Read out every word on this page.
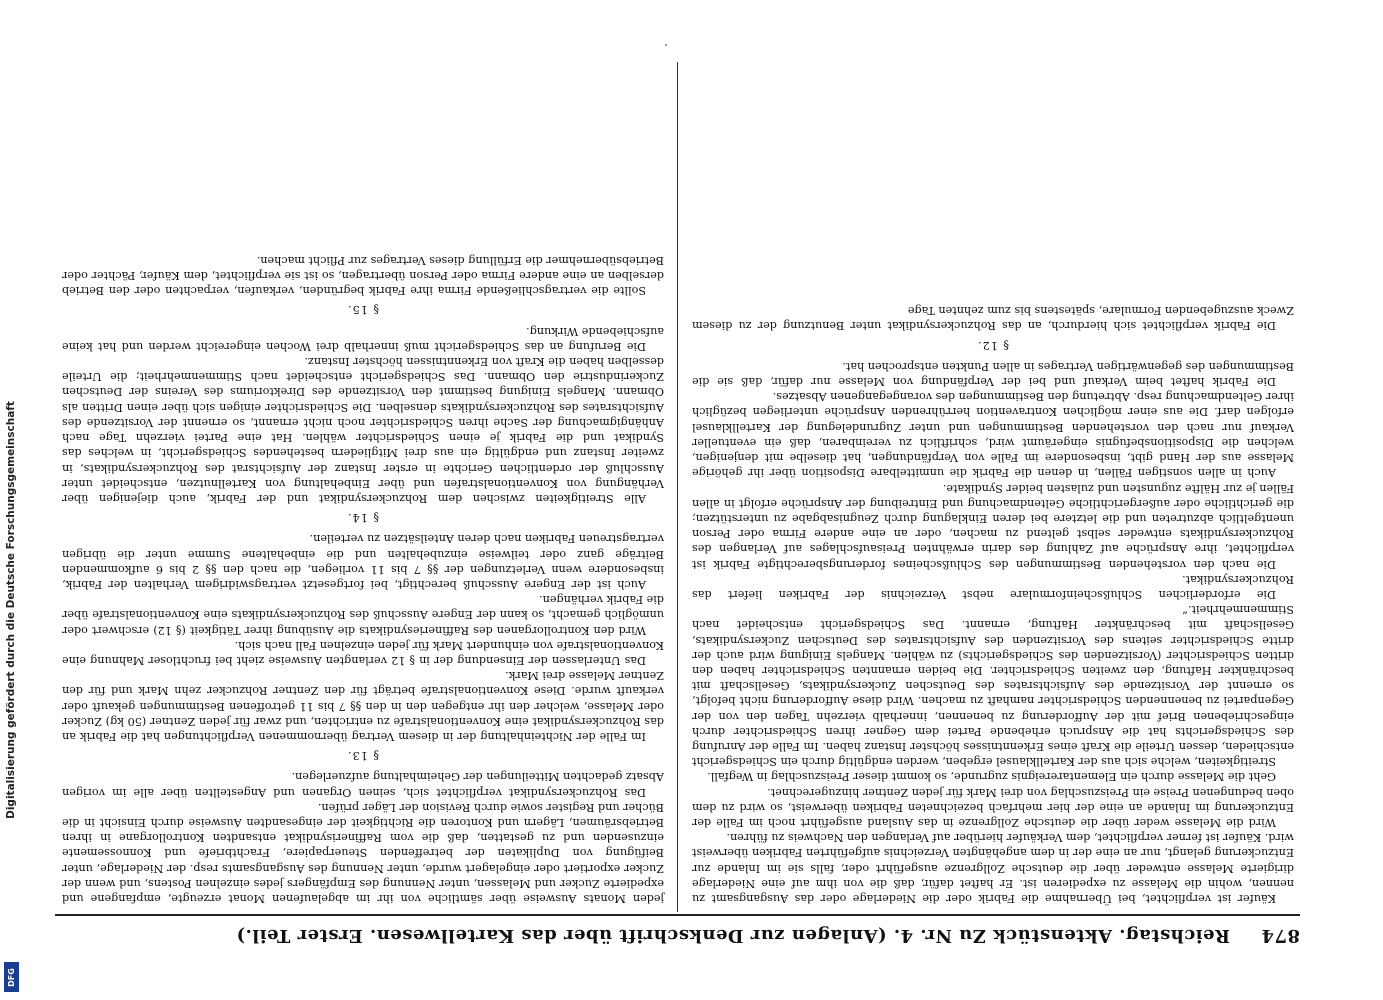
Digitalisierung gefördert durch die Deutsche Forschungsgemeinschaft
DFG
874
Reichstag. Aktenstück Zu Nr. 4. (Anlagen zur Denkschrift über das Kartellwesen. Erster Teil.)

Käufer ist verpflichtet, bei Übernahme die Fabrik oder die Niederlage oder das Ausgangsamt zu nennen, wohin die Melasse zu expedieren ist. Er haftet dafür, daß die von ihm auf eine Niederlage dirigierte Melasse entweder über die deutsche Zollgrenze ausgeführt oder, falls sie im Inlande zur Entzuckerung gelangt, nur an eine der in dem angehängten Verzeichnis aufgeführten Fabriken überweist wird. Käufer ist ferner verpflichtet, dem Verkäufer hierüber auf Verlangen den Nachweis zu führen.

Wird die Melasse weder über die deutsche Zollgrenze in das Ausland ausgeführt noch im Falle der Entzuckerung im Inlande an eine der hier mehrfach bezeichneten Fabriken überweist, so wird zu dem oben bedungenen Preise ein Preiszuschlag von drei Mark für jeden Zentner hinzugerechnet.

Geht die Melasse durch ein Elementarereignis zugrunde, so kommt dieser Preiszuschlag in Wegfall.

Streitigkeiten, welche sich aus der Kartellklausel ergeben, werden endgültig durch ein Schiedsgericht entschieden, dessen Urteile die Kraft eines Erkenntnisses höchster Instanz haben. Im Falle der Anrufung des Schiedsgerichts hat die Anspruch erhebende Partei dem Gegner ihren Schiedsrichter durch eingeschriebenen Brief mit der Aufforderung zu benennen, innerhalb vierzehn Tagen den von der Gegenpartei zu benennenden Schiedsrichter namhaft zu machen. Wird diese Aufforderung nicht befolgt, so ernennt der Vorsitzende des Aufsichtsrates des Deutschen Zuckersyndikats, Gesellschaft mit beschränkter Haftung, den zweiten Schiedsrichter. Die beiden ernannten Schiedsrichter haben den dritten Schiedsrichter (Vorsitzenden des Schiedsgerichts) zu wählen. Mangels Einigung wird auch der dritte Schiedsrichter seitens des Vorsitzenden des Aufsichtsrates des Deutschen Zuckersyndikats, Gesellschaft mit beschränkter Haftung, ernannt. Das Schiedsgericht entscheidet nach Stimmenmehrheit.“

Die erforderlichen Schlußscheinformulare nebst Verzeichnis der Fabriken liefert das Rohzuckersyndikat.

Die nach den vorstehenden Bestimmungen des Schlußscheines forderungsberechtigte Fabrik ist verpflichtet, ihre Ansprüche auf Zahlung des darin erwähnten Preisaufschlages auf Verlangen des Rohzuckersyndikats entweder selbst geltend zu machen, oder an eine andere Firma oder Person unentgeltlich abzutreten und die letztere bei deren Einklagung durch Zeugnisabgabe zu unterstützen; die gerichtliche oder außergerichtliche Geltendmachung und Eintreibung der Ansprüche erfolgt in allen Fällen je zur Hälfte zugunsten und zulasten beider Syndikate.

Auch in allen sonstigen Fällen, in denen die Fabrik die unmittelbare Disposition über ihr gehörige Melasse aus der Hand gibt, insbesondere im Falle von Verpfändungen, hat dieselbe mit denjenigen, welchen die Dispositionsbefugnis eingeräumt wird, schriftlich zu vereinbaren, daß ein eventueller Verkauf nur nach den vorstehenden Bestimmungen und unter Zugrundelegung der Kartellklausel erfolgen darf. Die aus einer möglichen Kontravention herrührenden Ansprüche unterliegen bezüglich ihrer Geltendmachung resp. Abtretung den Bestimmungen des vorangegangenen Absatzes.

Die Fabrik haftet beim Verkauf und bei der Verpfändung von Melasse nur dafür, daß sie die Bestimmungen des gegenwärtigen Vertrages in allen Punkten entsprochen hat.

§ 12.

Die Fabrik verpflichtet sich hierdurch, an das Rohzuckersyndikat unter Benutzung der zu diesem Zweck auszugebenden Formulare, spätestens bis zum zehnten Tage

jeden Monats Ausweise über sämtliche von ihr im abgelaufenen Monat erzeugte, empfangene und expedierte Zucker und Melassen, unter Nennung des Empfängers jedes einzelnen Postens, und wenn der Zucker exportiert oder eingelagert wurde, unter Nennung des Ausgangsamts resp. der Niederlage, unter Beifügung von Duplikaten der betreffenden Steuerpapiere, Frachtbriefe und Konnossemente einzusenden und zu gestatten, daß die vom Raffinerisyndikat entsandten Kontrollorgane in ihren Betriebsräumen, Lägern und Kontoren die Richtigkeit der eingesandten Ausweise durch Einsicht in die Bücher und Register sowie durch Revision der Läger prüfen.

Das Rohzuckersyndikat verpflichtet sich, seinen Organen und Angestellten über alle im vorigen Absatz gedachten Mitteilungen der Geheimhaltung aufzuerlegen.

§ 13.

Im Falle der Nichteinhaltung der in diesem Vertrag übernommenen Verpflichtungen hat die Fabrik an das Rohzuckersyndikat eine Konventionalstrafe zu entrichten, und zwar für jeden Zentner (50 kg) Zucker oder Melasse, welcher den ihr entgegen den in den §§ 7 bis 11 getroffenen Bestimmungen gekauft oder verkauft wurde. Diese Konventionalstrafe beträgt für den Zentner Rohzucker zehn Mark und für den Zentner Melasse drei Mark.

Das Unterlassen der Einsendung der in § 12 verlangten Ausweise zieht bei fruchtloser Mahnung eine Konventionalstrafe von einhundert Mark für jeden einzelnen Fall nach sich.

Wird den Kontrollorganen des Raffineriesyndikats die Ausübung ihrer Tätigkeit (§ 12) erschwert oder unmöglich gemacht, so kann der Engere Ausschuß des Rohzuckersyndikats eine Konventionalstrafe über die Fabrik verhängen.

Auch ist der Engere Ausschuß berechtigt, bei fortgesetzt vertragswidrigem Verhalten der Fabrik, insbesondere wenn Verletzungen der §§ 7 bis 11 vorliegen, die nach den §§ 2 bis 6 aufkommenden Beiträge ganz oder teilweise einzubehalten und die einbehaltene Summe unter die übrigen vertragstreuen Fabriken nach deren Anteilsätzen zu verteilen.

§ 14.

Alle Streitigkeiten zwischen dem Rohzuckersyndikat und der Fabrik, auch diejenigen über Verhängung von Konventionalstrafen und über Einbehaltung von Kartellnutzen, entscheidet unter Ausschluß der ordentlichen Gerichte in erster Instanz der Aufsichtsrat des Rohzuckersyndikats, in zweiter Instanz und endgültig ein aus drei Mitgliedern bestehendes Schiedsgericht, in welches das Syndikat und die Fabrik je einen Schiedsrichter wählen. Hat eine Partei vierzehn Tage nach Anhängigmachung der Sache ihren Schiedsrichter noch nicht ernannt, so ernennt der Vorsitzende des Aufsichtsrates des Rohzuckersyndikats denselben. Die Schiedsrichter einigen sich über einen Dritten als Obmann. Mangels Einigung bestimmt den Vorsitzende des Direktoriums des Vereins der Deutschen Zuckerindustrie den Obmann. Das Schiedsgericht entscheidet nach Stimmenmehrheit; die Urteile desselben haben die Kraft von Erkenntnissen höchster Instanz.

Die Berufung an das Schiedsgericht muß innerhalb drei Wochen eingereicht werden und hat keine aufschiebende Wirkung.

§ 15.

Sollte die vertragschließende Firma ihre Fabrik begründen, verkaufen, verpachten oder den Betrieb derselben an eine andere Firma oder Person übertragen, so ist sie verpflichtet, dem Käufer, Pächter oder Betriebsübernehmer die Erfüllung dieses Vertrages zur Pflicht machen.
